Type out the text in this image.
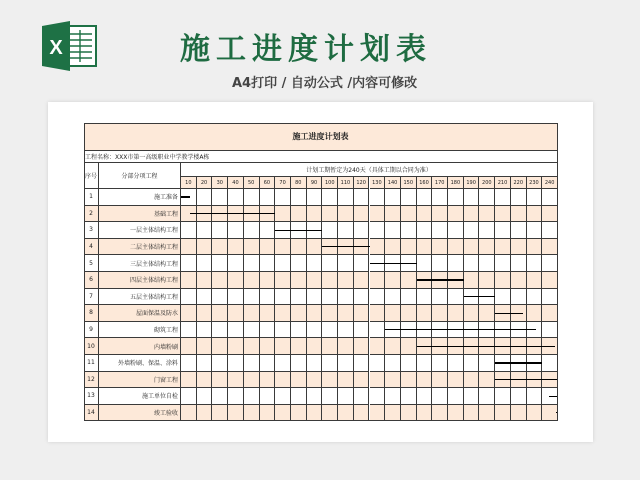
X	施工进度计划表
A4打印 / 自动公式 /内容可修改
施工进度计划表
工程名称：XXX市第一高级职业中学教学楼A栋
序号	分部分项工程
计划工期暂定为240天（具体工期以合同为准）
10	20	30	40	50	60	70	80	90	100	110	120	130	140	150	160	170	180	190	200	210	220	230	240
1	施工准备
2	基础工程
3	一层主体结构工程
4	二层主体结构工程
5	三层主体结构工程
6	四层主体结构工程
7	五层主体结构工程
8	屋面保温及防水
9	砌筑工程
10	内墙粉刷
11	外墙粉刷、保温、涂料
12	门窗工程
13	施工单位自检
14	竣工验收
